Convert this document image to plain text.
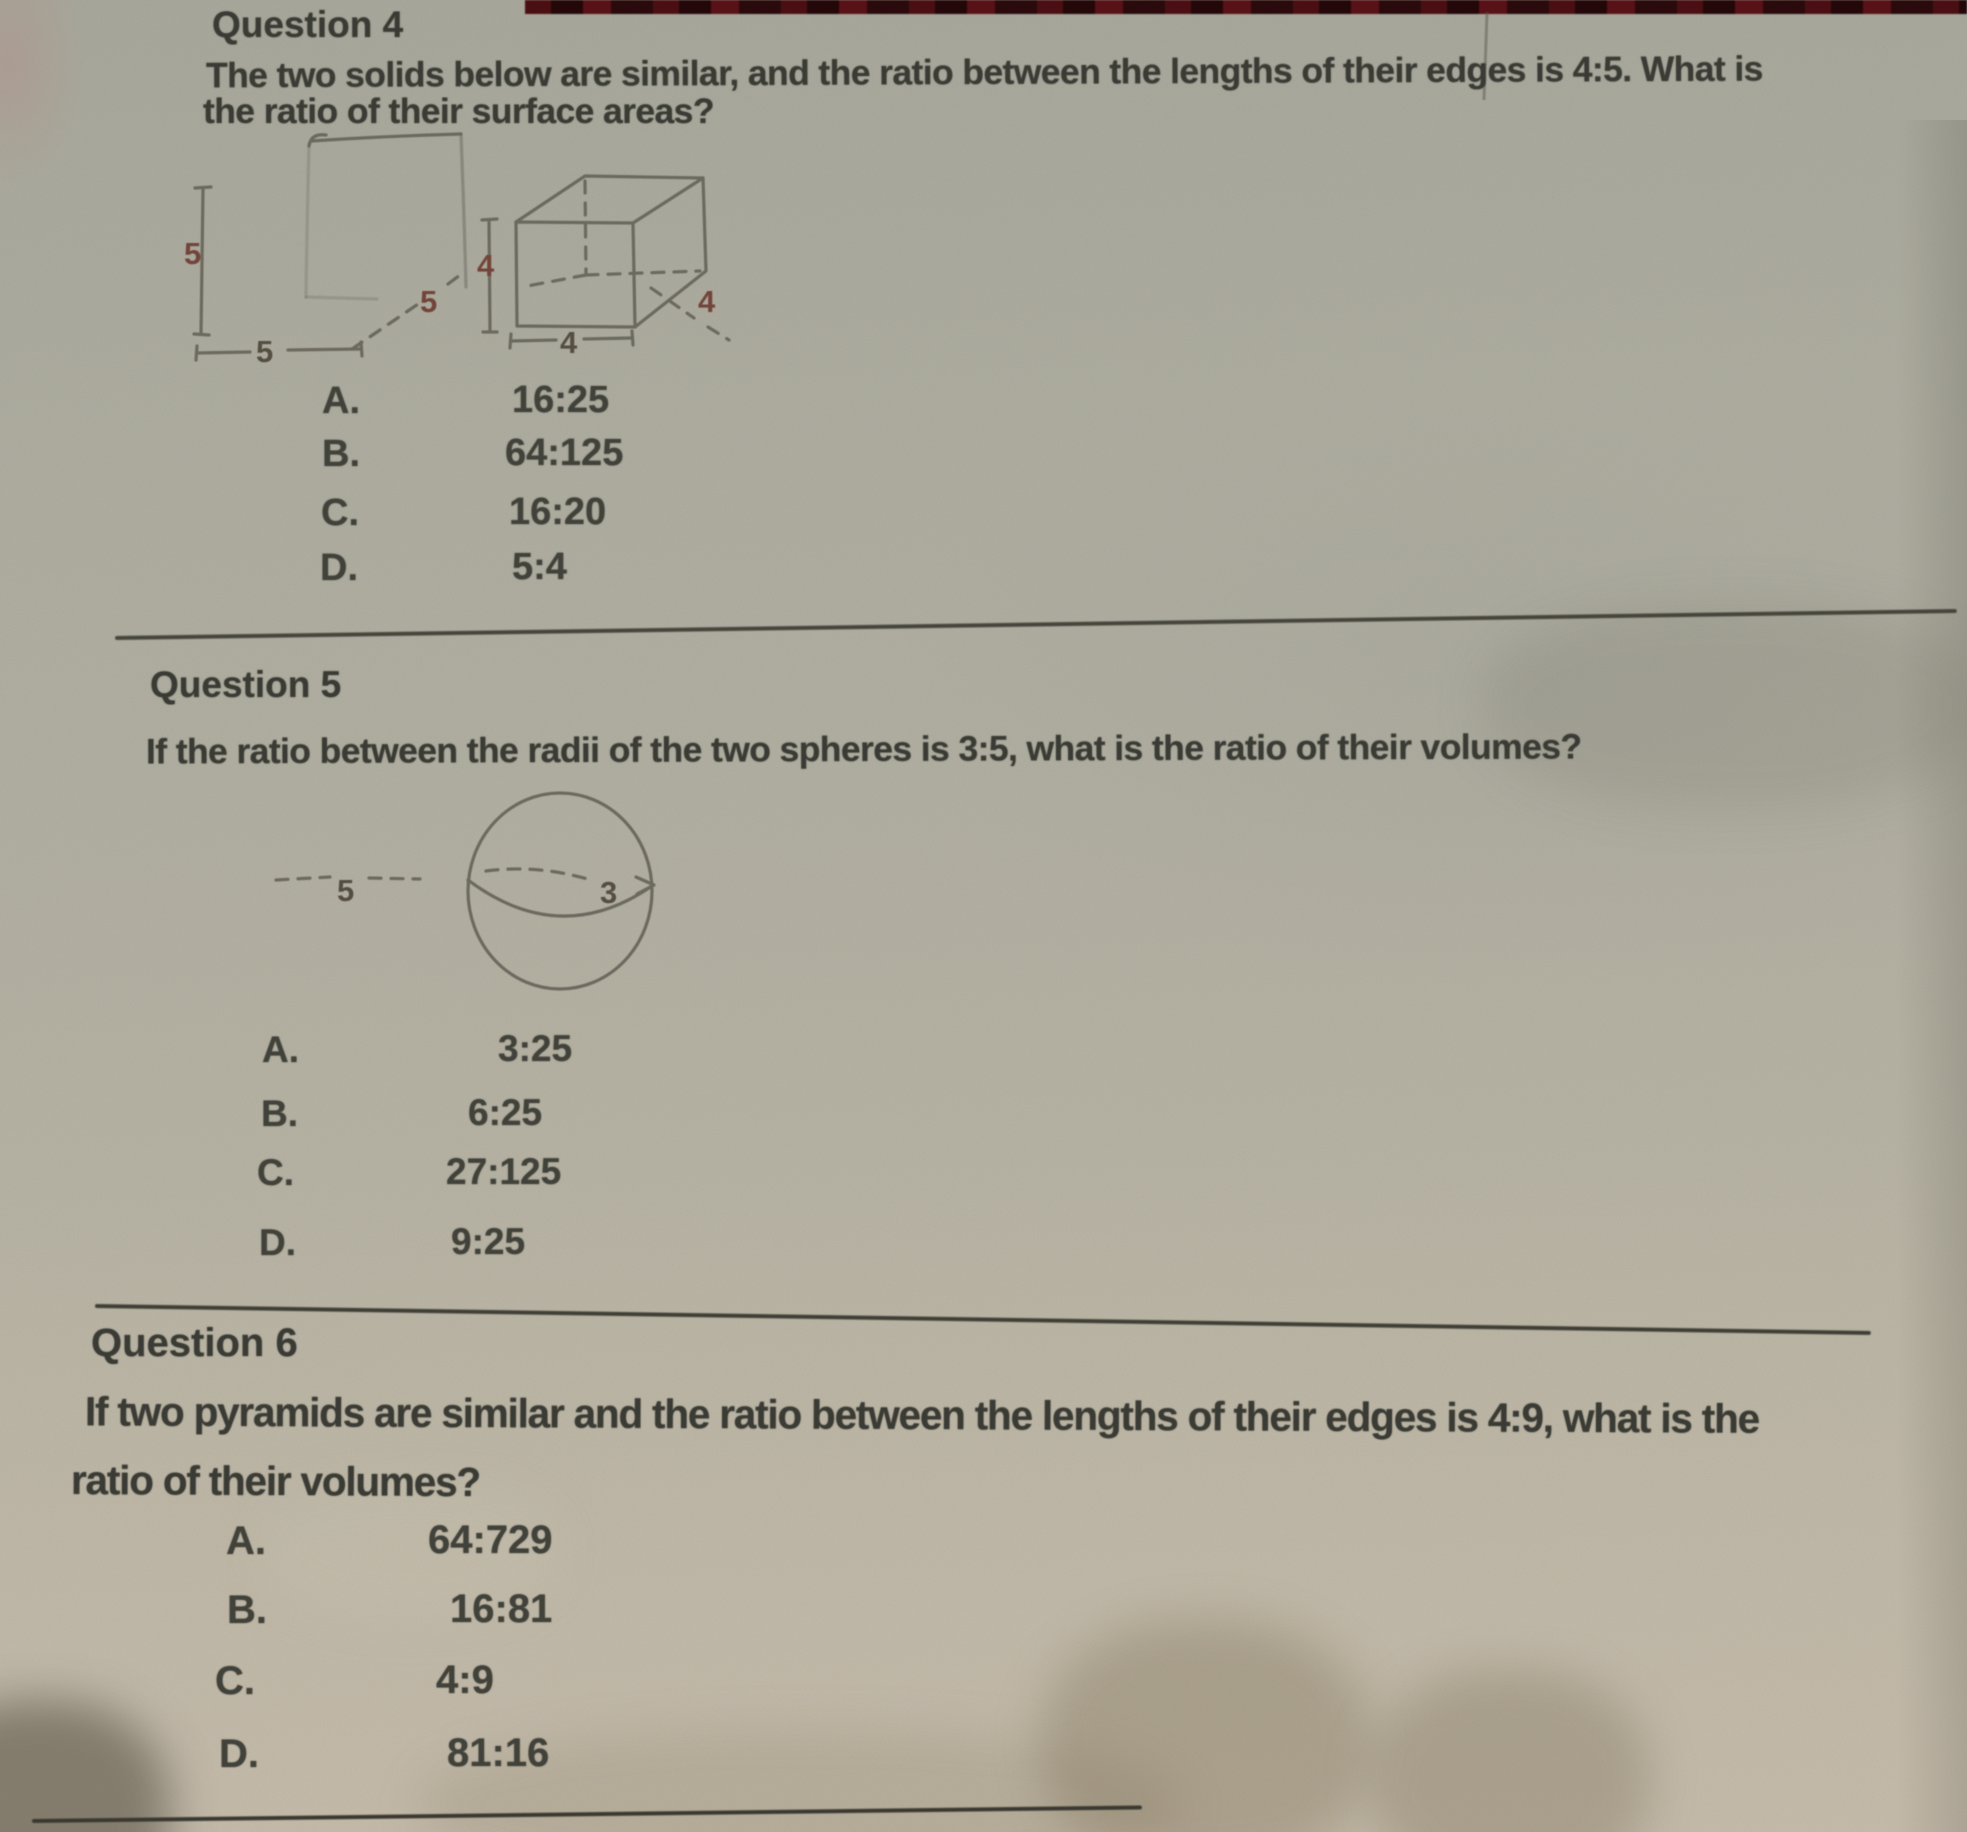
Question 4
The two solids below are similar, and the ratio between the lengths of their edges is 4:5. What is
the ratio of their surface areas?
5
5
5
4
4
4
A.	16:25
B.	64:125
C.	16:20
D.	5:4
Question 5
If the ratio between the radii of the two spheres is 3:5, what is the ratio of their volumes?
5	3
A.	3:25
B.	6:25
C.	27:125
D.	9:25
Question 6
If two pyramids are similar and the ratio between the lengths of their edges is 4:9, what is the
ratio of their volumes?
A.	64:729
B.	16:81
C.	4:9
D.	81:16
